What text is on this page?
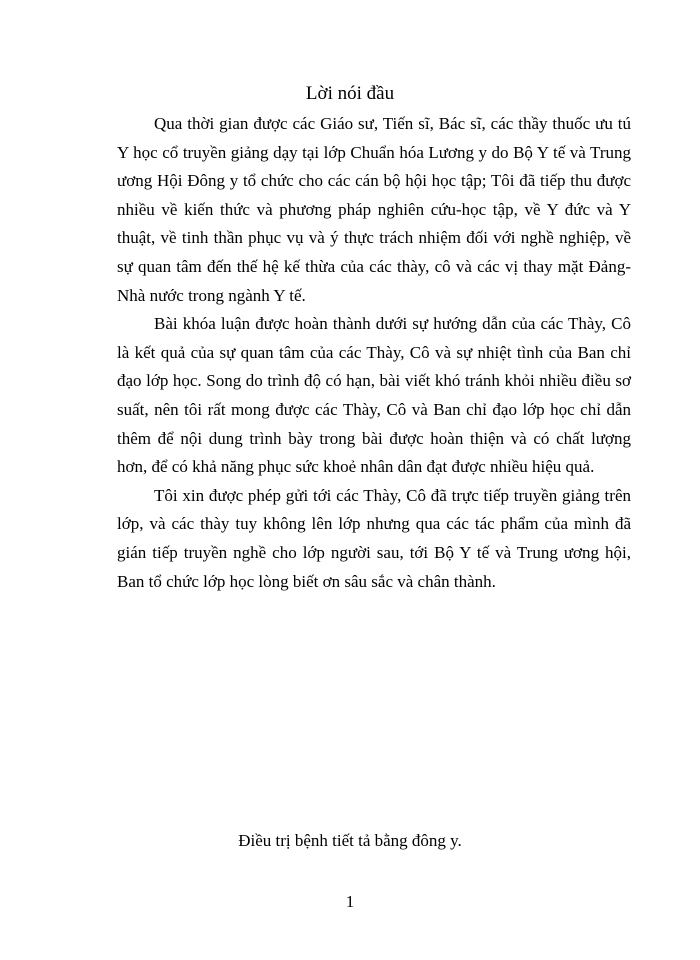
Lời nói đầu

Qua thời gian được các Giáo sư, Tiến sĩ, Bác sĩ, các thầy thuốc ưu tú Y học cổ truyền giảng dạy tại lớp Chuẩn hóa Lương y do Bộ Y tế và Trung ương Hội Đông y tổ chức cho các cán bộ hội học tập; Tôi đã tiếp thu được nhiều về kiến thức và phương pháp nghiên cứu-học tập, về Y đức và Y thuật, về tinh thần phục vụ và ý thực trách nhiệm đối với nghề nghiệp, về sự quan tâm đến thế hệ kế thừa của các thày, cô và các vị thay mặt Đảng-Nhà nước trong ngành Y tế.

Bài khóa luận được hoàn thành dưới sự hướng dẫn của các Thày, Cô là kết quả của sự quan tâm của các Thày, Cô và sự nhiệt tình của Ban chỉ đạo lớp học. Song do trình độ có hạn, bài viết khó tránh khỏi nhiều điều sơ suất, nên tôi rất mong được các Thày, Cô và Ban chỉ đạo lớp học chỉ dẫn thêm để nội dung trình bày trong bài được hoàn thiện và có chất lượng hơn, để có khả năng phục sức khoẻ nhân dân đạt được nhiều hiệu quả.

Tôi xin được phép gửi tới các Thày, Cô đã trực tiếp truyền giảng trên lớp, và các thày tuy không lên lớp nhưng qua các tác phẩm của mình đã gián tiếp truyền nghề cho lớp người sau, tới Bộ Y tế và Trung ương hội, Ban tổ chức lớp học lòng biết ơn sâu sắc và chân thành.

Điều trị bệnh tiết tả bằng đông y.
1
